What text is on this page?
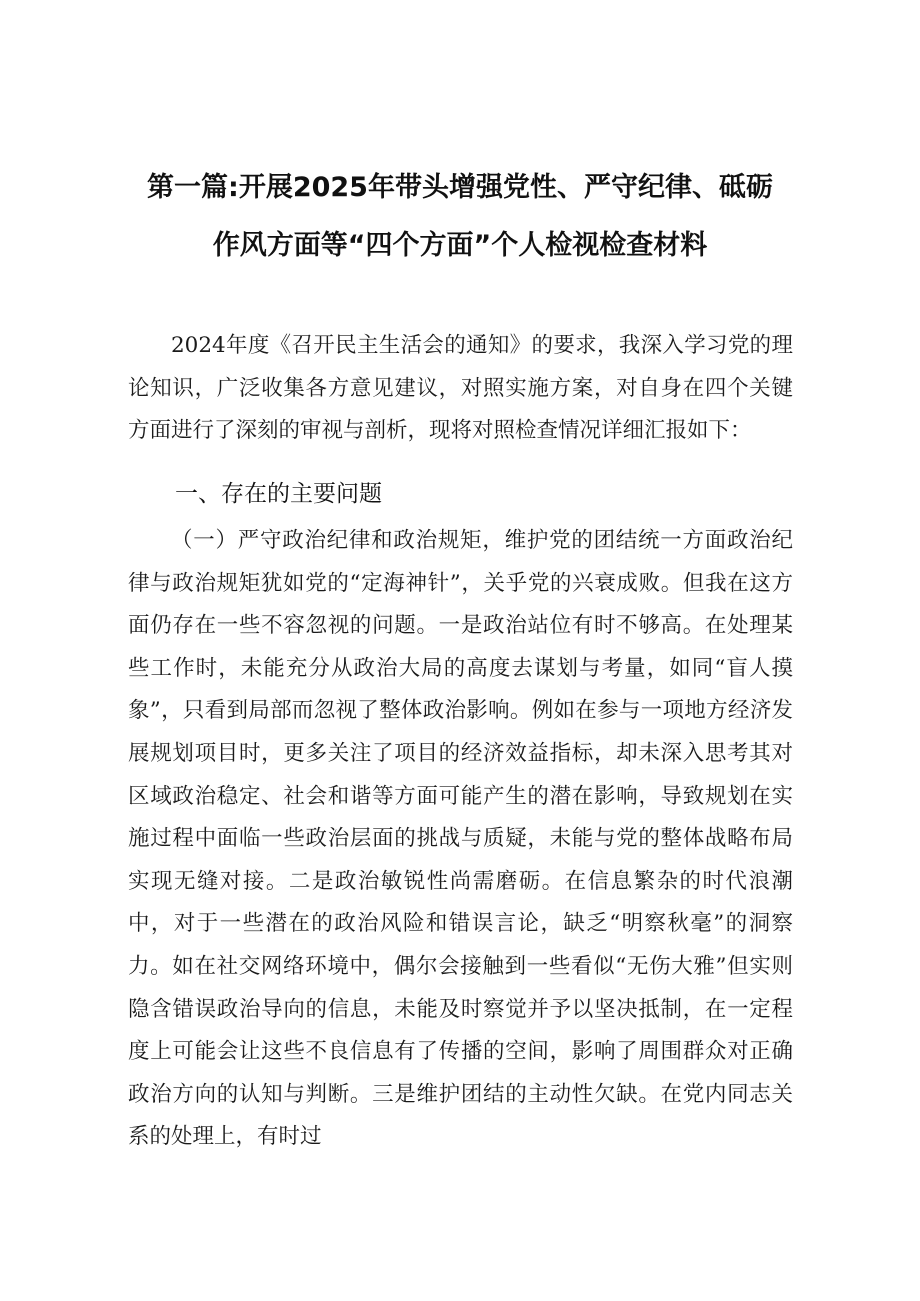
第一篇:开展2025年带头增强党性、严守纪律、砥砺
作风方面等“四个方面”个人检视检查材料

2024年度《召开民主生活会的通知》的要求，我深入学习党的理论知识，广泛收集各方意见建议，对照实施方案，对自身在四个关键方面进行了深刻的审视与剖析，现将对照检查情况详细汇报如下：

一、存在的主要问题

（一）严守政治纪律和政治规矩，维护党的团结统一方面政治纪律与政治规矩犹如党的“定海神针”，关乎党的兴衰成败。但我在这方面仍存在一些不容忽视的问题。一是政治站位有时不够高。在处理某些工作时，未能充分从政治大局的高度去谋划与考量，如同“盲人摸象”，只看到局部而忽视了整体政治影响。例如在参与一项地方经济发展规划项目时，更多关注了项目的经济效益指标，却未深入思考其对区域政治稳定、社会和谐等方面可能产生的潜在影响，导致规划在实施过程中面临一些政治层面的挑战与质疑，未能与党的整体战略布局实现无缝对接。二是政治敏锐性尚需磨砺。在信息繁杂的时代浪潮中，对于一些潜在的政治风险和错误言论，缺乏“明察秋毫”的洞察力。如在社交网络环境中，偶尔会接触到一些看似“无伤大雅”但实则隐含错误政治导向的信息，未能及时察觉并予以坚决抵制，在一定程度上可能会让这些不良信息有了传播的空间，影响了周围群众对正确政治方向的认知与判断。三是维护团结的主动性欠缺。在党内同志关系的处理上，有时过
